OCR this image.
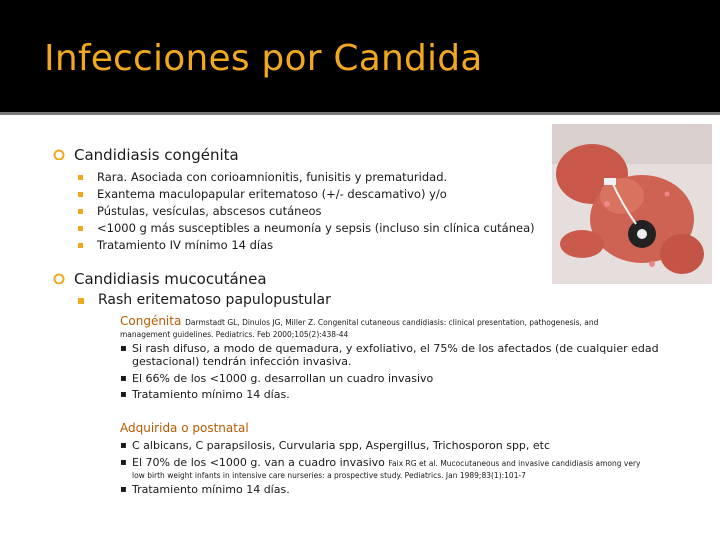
Infecciones por Candida
Candidiasis congénita
Rara. Asociada con corioamnionitis, funisitis y prematuridad.
Exantema maculopapular eritematoso (+/- descamativo) y/o
Pústulas, vesículas, abscesos cutáneos
<1000 g más susceptibles a neumonía y sepsis (incluso sin clínica cutánea)
Tratamiento IV mínimo 14 días
Candidiasis mucocutánea
Rash eritematoso papulopustular
Congénita Darmstadt GL, Dinulos JG, Miller Z. Congenital cutaneous candidiasis: clinical presentation, pathogenesis, and
management guidelines. Pediatrics. Feb 2000;105(2):438-44
▪ Si rash difuso, a modo de quemadura, y exfoliativo, el 75% de los afectados (de cualquier edad
gestacional) tendrán infección invasiva.
▪ El 66% de los <1000 g. desarrollan un cuadro invasivo
▪ Tratamiento mínimo 14 días.
Adquirida o postnatal
▪ C albicans, C parapsilosis, Curvularia spp, Aspergillus, Trichosporon spp, etc
▪ El 70% de los <1000 g. van a cuadro invasivo Faix RG et al. Mucocutaneous and invasive candidiasis among very
low birth weight infants in intensive care nurseries: a prospective study. Pediatrics. Jan 1989;83(1):101-7
▪ Tratamiento mínimo 14 días.
